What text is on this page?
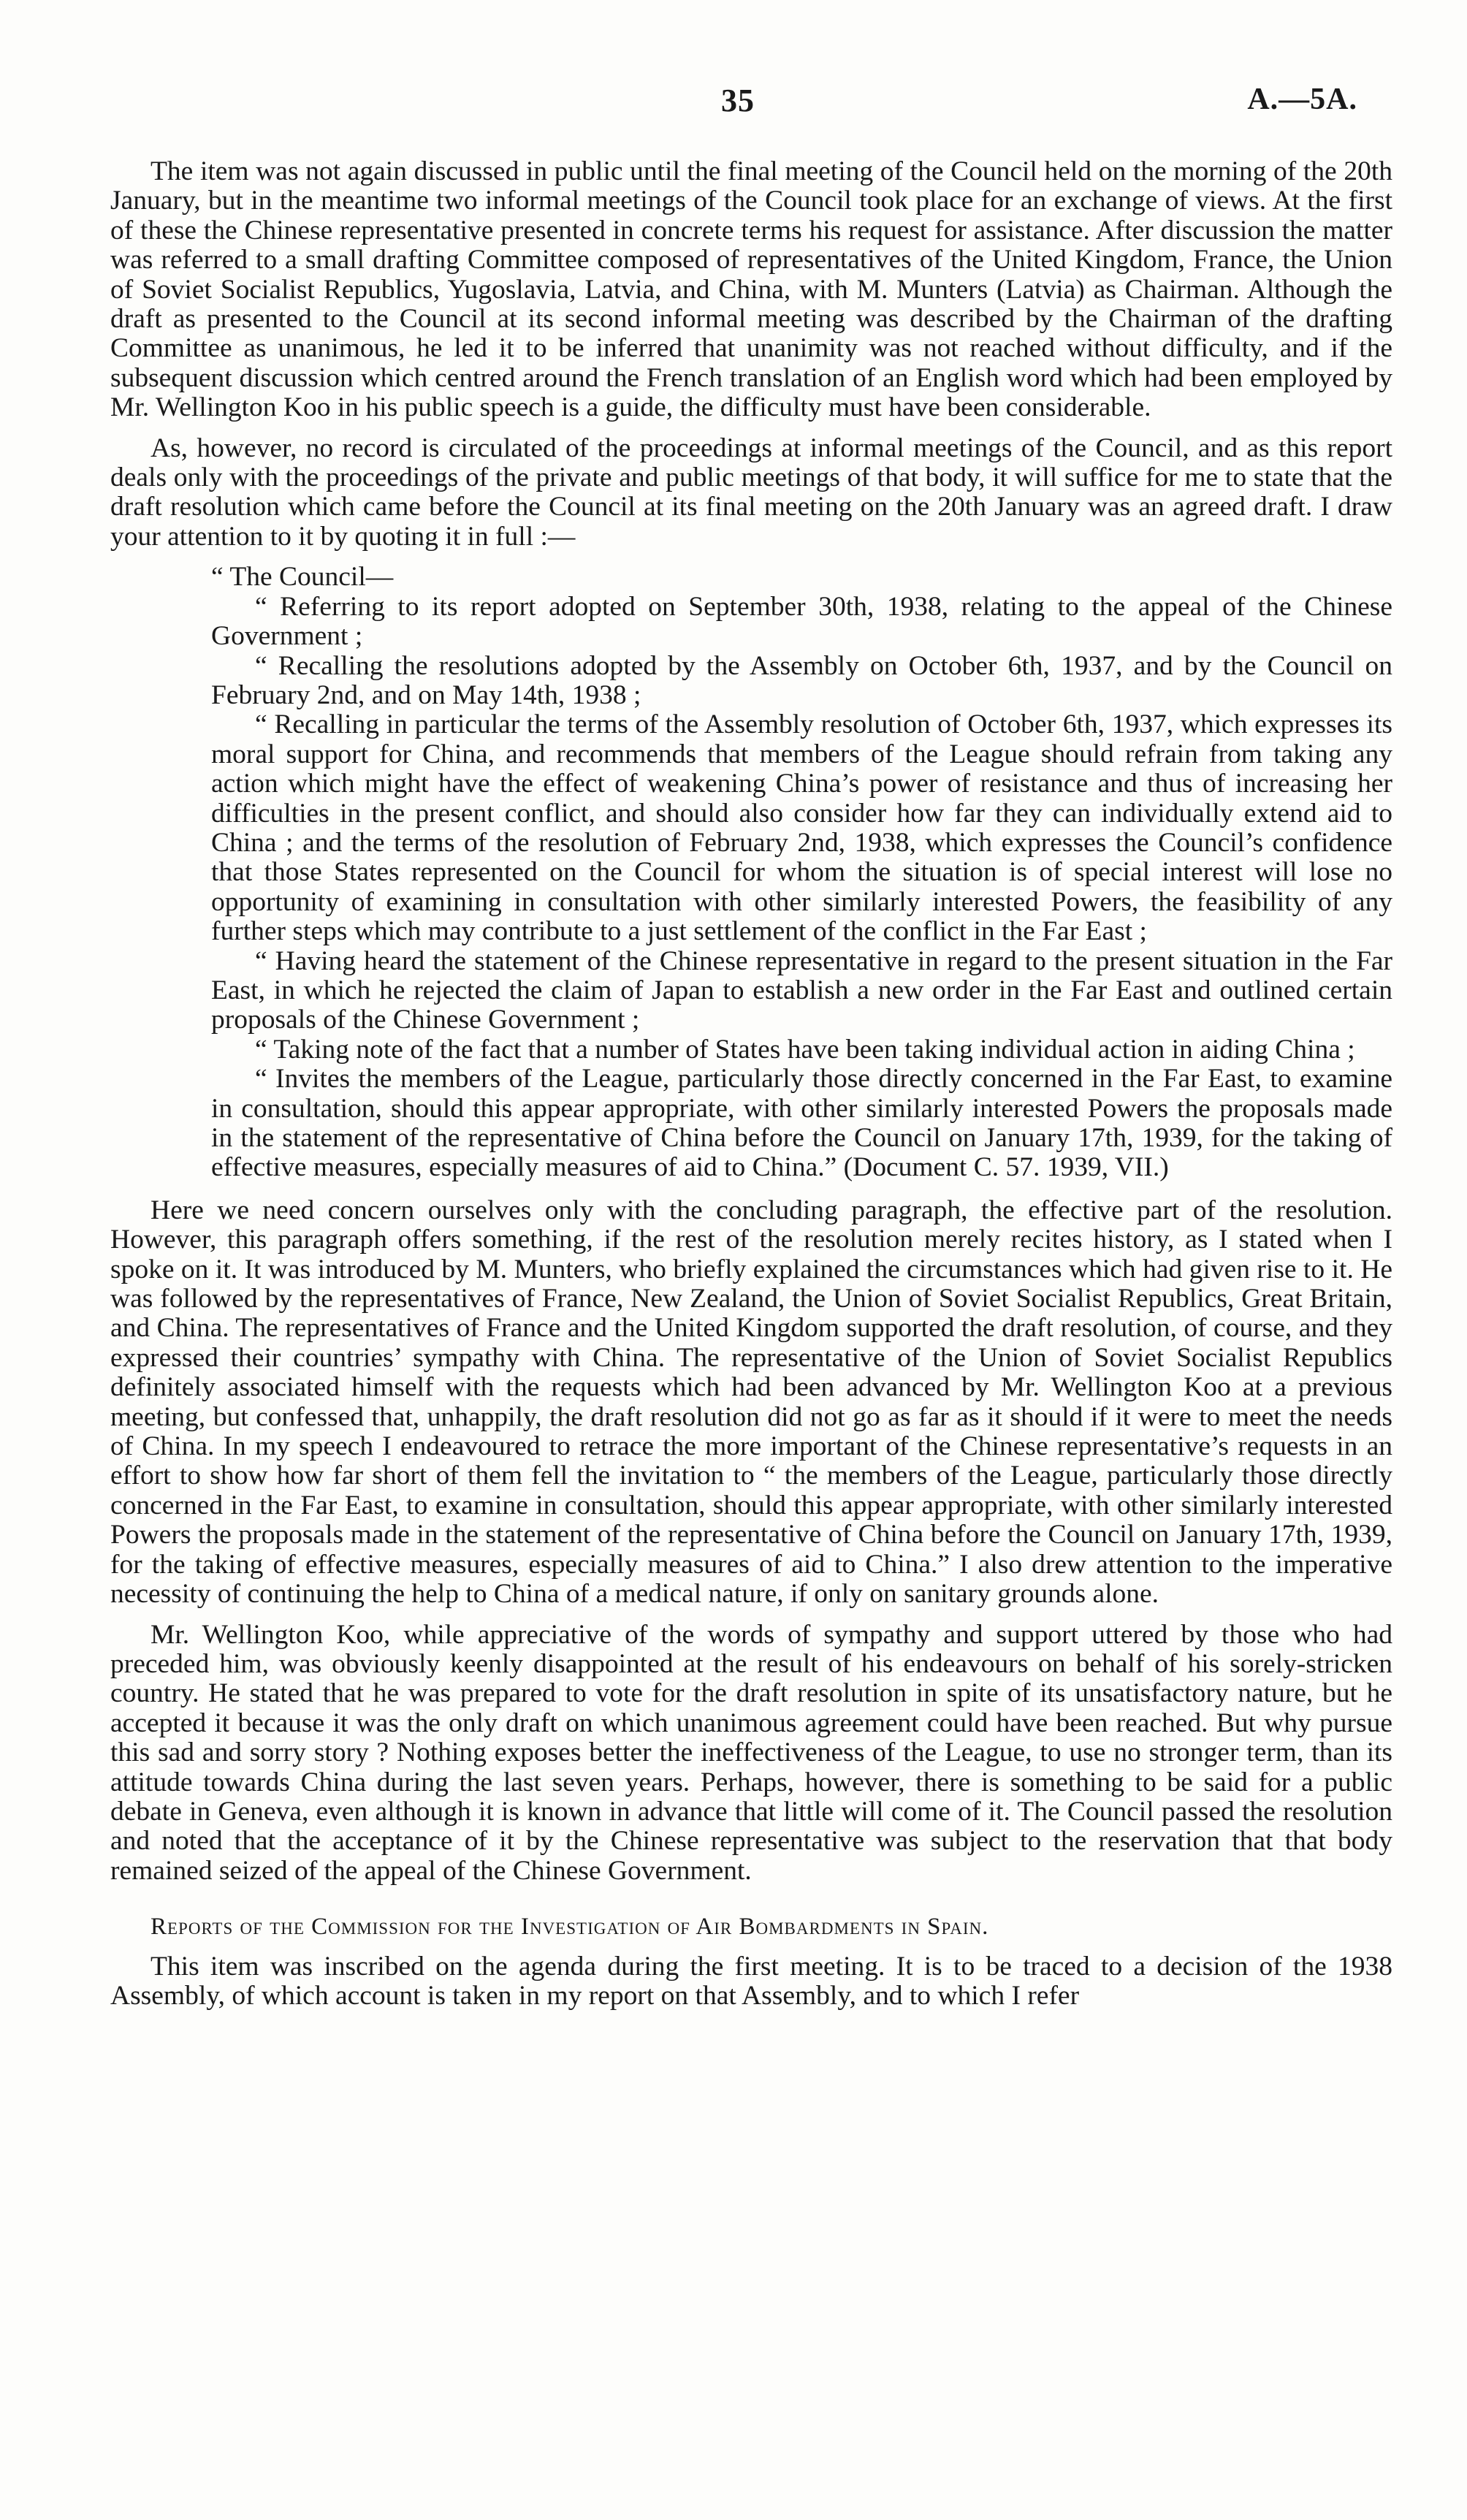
35	A.—5A.

The item was not again discussed in public until the final meeting of the Council held on the morning of the 20th January, but in the meantime two informal meetings of the Council took place for an exchange of views. At the first of these the Chinese representative presented in concrete terms his request for assistance. After discussion the matter was referred to a small drafting Committee composed of representatives of the United Kingdom, France, the Union of Soviet Socialist Republics, Yugoslavia, Latvia, and China, with M. Munters (Latvia) as Chairman. Although the draft as presented to the Council at its second informal meeting was described by the Chairman of the drafting Committee as unanimous, he led it to be inferred that unanimity was not reached without difficulty, and if the subsequent discussion which centred around the French translation of an English word which had been employed by Mr. Wellington Koo in his public speech is a guide, the difficulty must have been considerable.

As, however, no record is circulated of the proceedings at informal meetings of the Council, and as this report deals only with the proceedings of the private and public meetings of that body, it will suffice for me to state that the draft resolution which came before the Council at its final meeting on the 20th January was an agreed draft. I draw your attention to it by quoting it in full :—

“ The Council—
“ Referring to its report adopted on September 30th, 1938, relating to the appeal of the Chinese Government ;
“ Recalling the resolutions adopted by the Assembly on October 6th, 1937, and by the Council on February 2nd, and on May 14th, 1938 ;
“ Recalling in particular the terms of the Assembly resolution of October 6th, 1937, which expresses its moral support for China, and recommends that members of the League should refrain from taking any action which might have the effect of weakening China’s power of resistance and thus of increasing her difficulties in the present conflict, and should also consider how far they can individually extend aid to China ; and the terms of the resolution of February 2nd, 1938, which expresses the Council’s confidence that those States represented on the Council for whom the situation is of special interest will lose no opportunity of examining in consultation with other similarly interested Powers, the feasibility of any further steps which may contribute to a just settlement of the conflict in the Far East ;
“ Having heard the statement of the Chinese representative in regard to the present situation in the Far East, in which he rejected the claim of Japan to establish a new order in the Far East and outlined certain proposals of the Chinese Government ;
“ Taking note of the fact that a number of States have been taking individual action in aiding China ;
“ Invites the members of the League, particularly those directly concerned in the Far East, to examine in consultation, should this appear appropriate, with other similarly interested Powers the proposals made in the statement of the representative of China before the Council on January 17th, 1939, for the taking of effective measures, especially measures of aid to China.” (Document C. 57. 1939, VII.)

Here we need concern ourselves only with the concluding paragraph, the effective part of the resolution. However, this paragraph offers something, if the rest of the resolution merely recites history, as I stated when I spoke on it. It was introduced by M. Munters, who briefly explained the circumstances which had given rise to it. He was followed by the representatives of France, New Zealand, the Union of Soviet Socialist Republics, Great Britain, and China. The representatives of France and the United Kingdom supported the draft resolution, of course, and they expressed their countries’ sympathy with China. The representative of the Union of Soviet Socialist Republics definitely associated himself with the requests which had been advanced by Mr. Wellington Koo at a previous meeting, but confessed that, unhappily, the draft resolution did not go as far as it should if it were to meet the needs of China. In my speech I endeavoured to retrace the more important of the Chinese representative’s requests in an effort to show how far short of them fell the invitation to “ the members of the League, particularly those directly concerned in the Far East, to examine in consultation, should this appear appropriate, with other similarly interested Powers the proposals made in the statement of the representative of China before the Council on January 17th, 1939, for the taking of effective measures, especially measures of aid to China.” I also drew attention to the imperative necessity of continuing the help to China of a medical nature, if only on sanitary grounds alone.

Mr. Wellington Koo, while appreciative of the words of sympathy and support uttered by those who had preceded him, was obviously keenly disappointed at the result of his endeavours on behalf of his sorely-stricken country. He stated that he was prepared to vote for the draft resolution in spite of its unsatisfactory nature, but he accepted it because it was the only draft on which unanimous agreement could have been reached. But why pursue this sad and sorry story ? Nothing exposes better the ineffectiveness of the League, to use no stronger term, than its attitude towards China during the last seven years. Perhaps, however, there is something to be said for a public debate in Geneva, even although it is known in advance that little will come of it. The Council passed the resolution and noted that the acceptance of it by the Chinese representative was subject to the reservation that that body remained seized of the appeal of the Chinese Government.

Reports of the Commission for the Investigation of Air Bombardments in Spain.

This item was inscribed on the agenda during the first meeting. It is to be traced to a decision of the 1938 Assembly, of which account is taken in my report on that Assembly, and to which I refer
